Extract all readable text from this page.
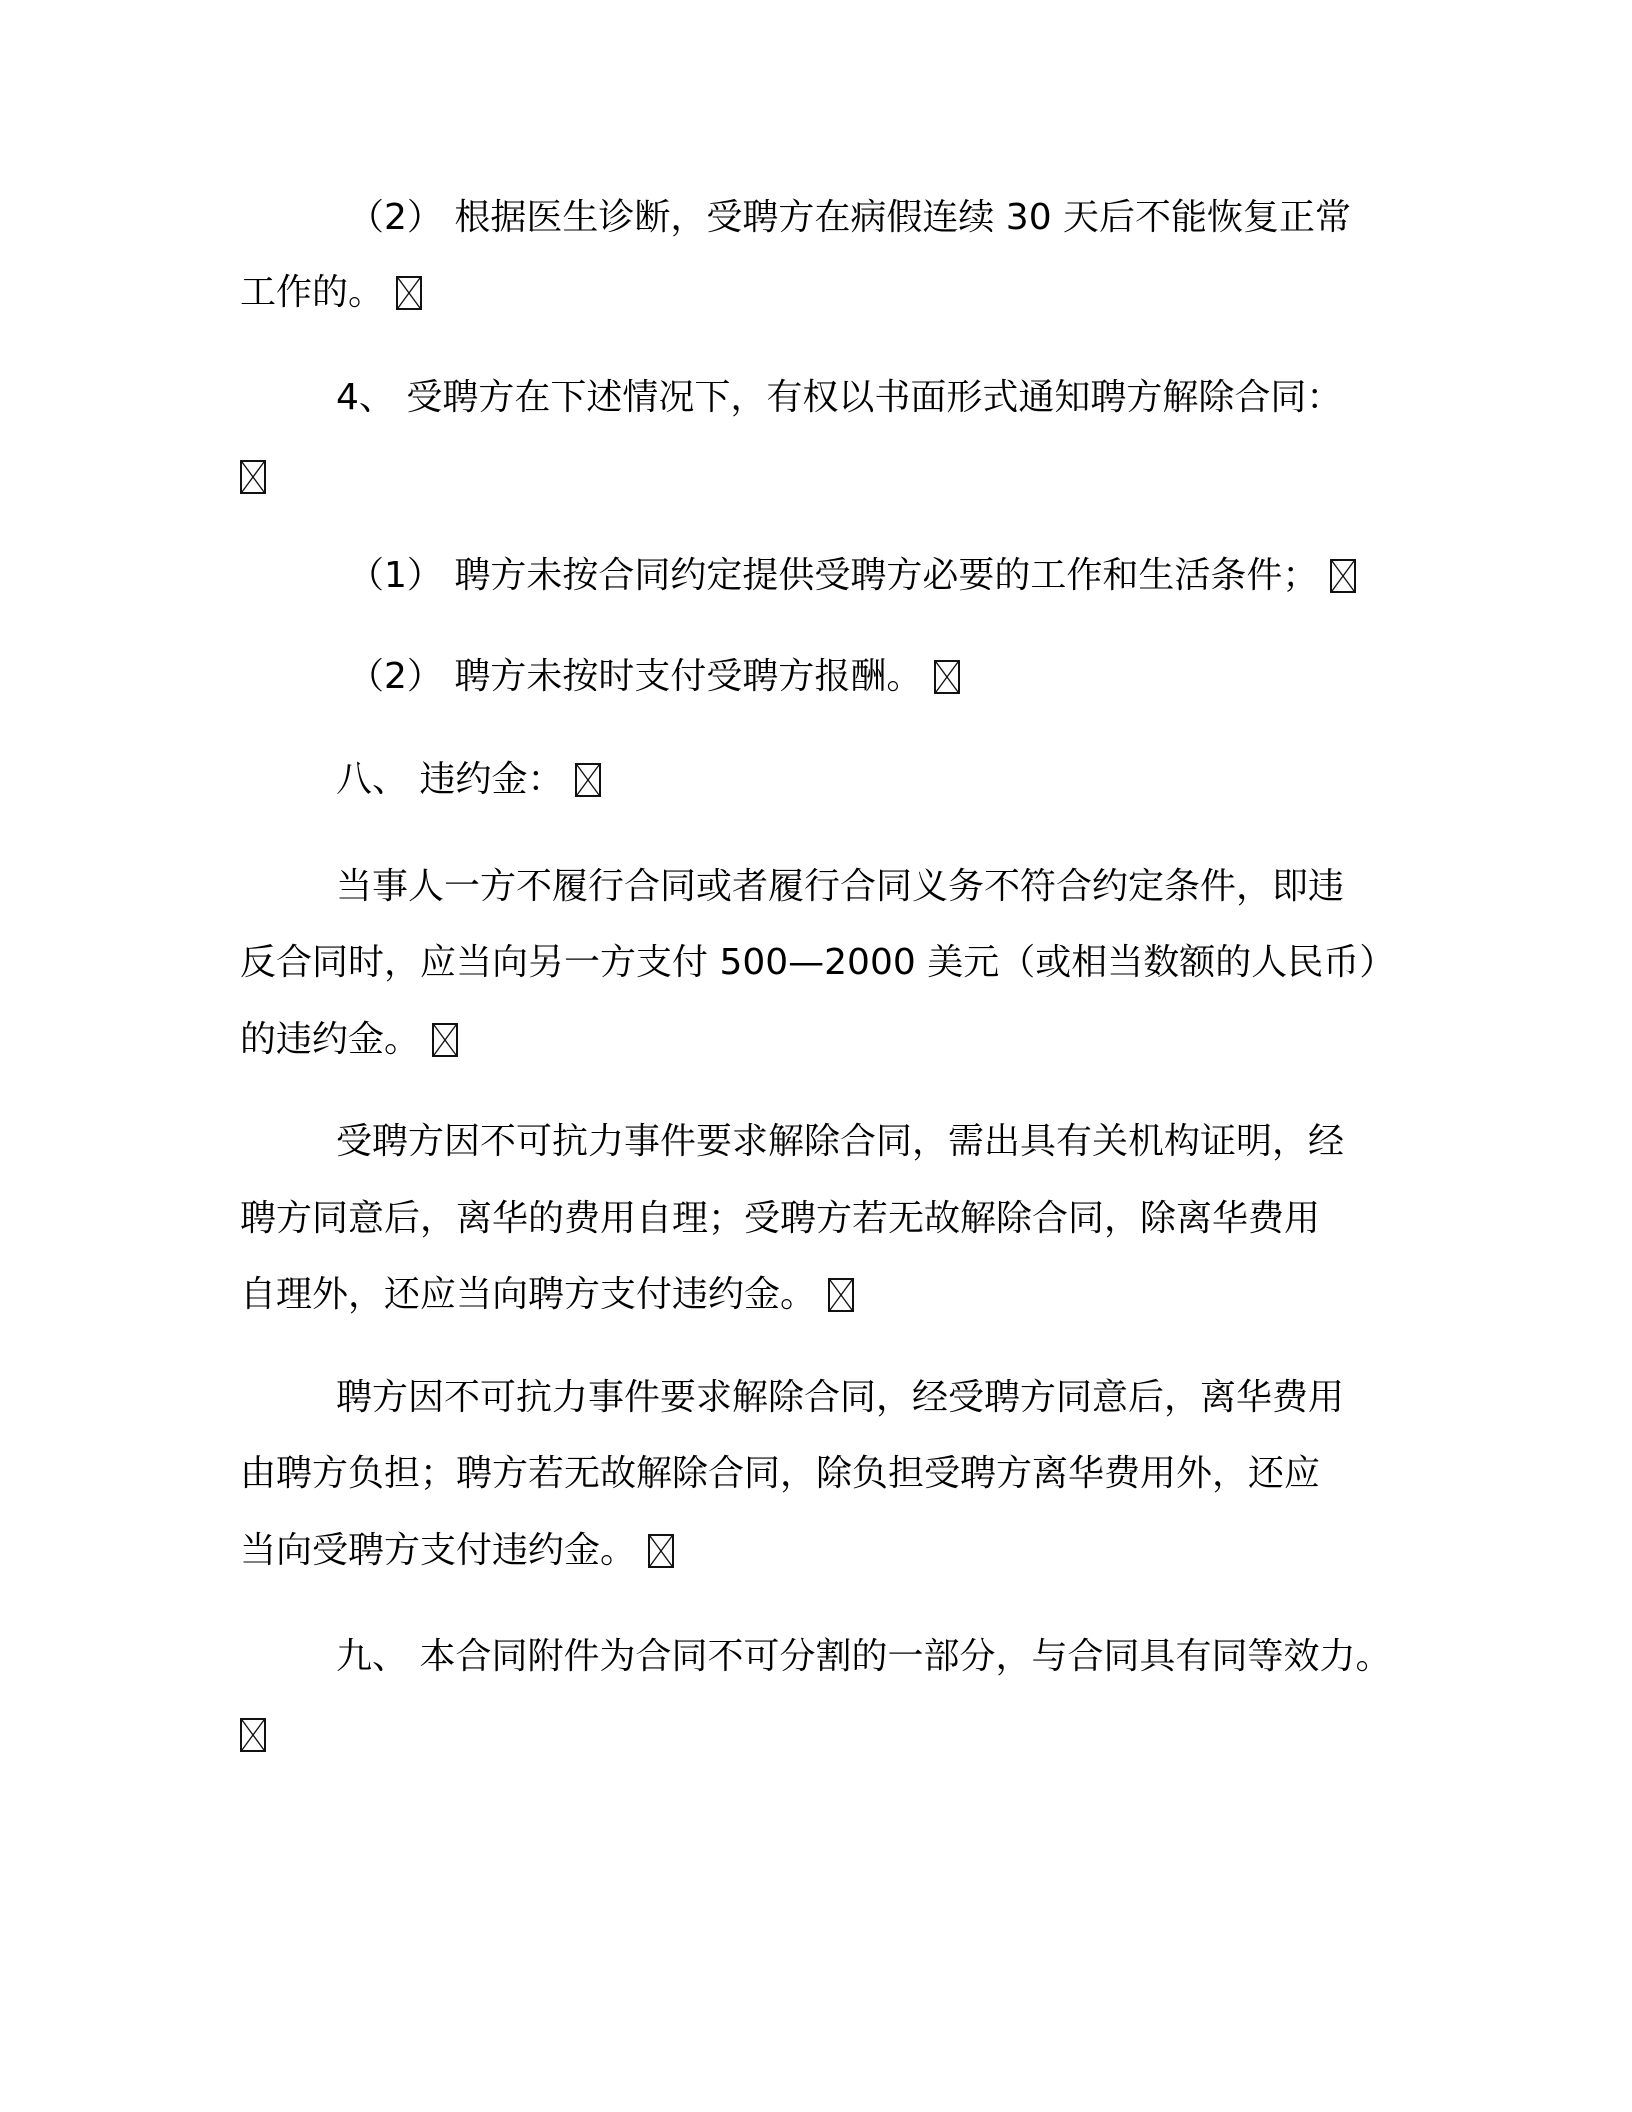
（2） 根据医生诊断，受聘方在病假连续 30 天后不能恢复正常
工作的。
4、 受聘方在下述情况下，有权以书面形式通知聘方解除合同：
（1） 聘方未按合同约定提供受聘方必要的工作和生活条件；
（2） 聘方未按时支付受聘方报酬。
八、 违约金：
当事人一方不履行合同或者履行合同义务不符合约定条件，即违
反合同时，应当向另一方支付 500—2000 美元（或相当数额的人民币）
的违约金。
受聘方因不可抗力事件要求解除合同，需出具有关机构证明，经
聘方同意后，离华的费用自理；受聘方若无故解除合同，除离华费用
自理外，还应当向聘方支付违约金。
聘方因不可抗力事件要求解除合同，经受聘方同意后，离华费用
由聘方负担；聘方若无故解除合同，除负担受聘方离华费用外，还应
当向受聘方支付违约金。
九、 本合同附件为合同不可分割的一部分，与合同具有同等效力。
